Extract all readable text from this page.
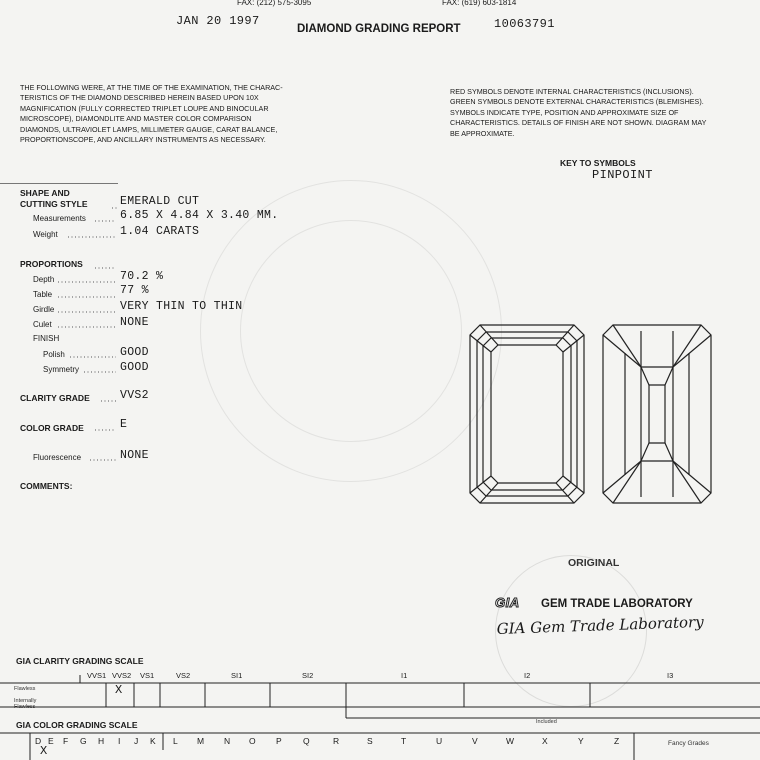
FAX: (212) 575-3095	FAX: (619) 603-1814
JAN 20 1997
DIAMOND GRADING REPORT	10063791
THE FOLLOWING WERE, AT THE TIME OF THE EXAMINATION, THE CHARAC-
TERISTICS OF THE DIAMOND DESCRIBED HEREIN BASED UPON 10X
MAGNIFICATION (FULLY CORRECTED TRIPLET LOUPE AND BINOCULAR
MICROSCOPE), DIAMONDLITE AND MASTER COLOR COMPARISON
DIAMONDS, ULTRAVIOLET LAMPS, MILLIMETER GAUGE, CARAT BALANCE,
PROPORTIONSCOPE, AND ANCILLARY INSTRUMENTS AS NECESSARY.
RED SYMBOLS DENOTE INTERNAL CHARACTERISTICS (INCLUSIONS).
GREEN SYMBOLS DENOTE EXTERNAL CHARACTERISTICS (BLEMISHES).
SYMBOLS INDICATE TYPE, POSITION AND APPROXIMATE SIZE OF
CHARACTERISTICS. DETAILS OF FINISH ARE NOT SHOWN. DIAGRAM MAY
BE APPROXIMATE.
KEY TO SYMBOLS
PINPOINT
SHAPE AND
CUTTING STYLE	EMERALD CUT
Measurements	6.85 X 4.84 X 3.40 MM.
Weight	1.04 CARATS
PROPORTIONS
Depth	70.2 %
Table	77 %
Girdle	VERY THIN TO THIN
Culet	NONE
FINISH
Polish	GOOD
Symmetry	GOOD
CLARITY GRADE	VVS2
COLOR GRADE	E
Fluorescence	NONE
COMMENTS:
ORIGINAL
GIA GEM TRADE LABORATORY
GIA Gem Trade Laboratory
GIA CLARITY GRADING SCALE
VVS1 VVS2 VS1	VS2	SI1	SI2	I1	I2	I3
X
Flawless
Internally Flawless
Included
GIA COLOR GRADING SCALE
D E F G H I J K L M N O P	Q	R	S	T	U	V	W	X	Y	Z
X
Fancy Grades
